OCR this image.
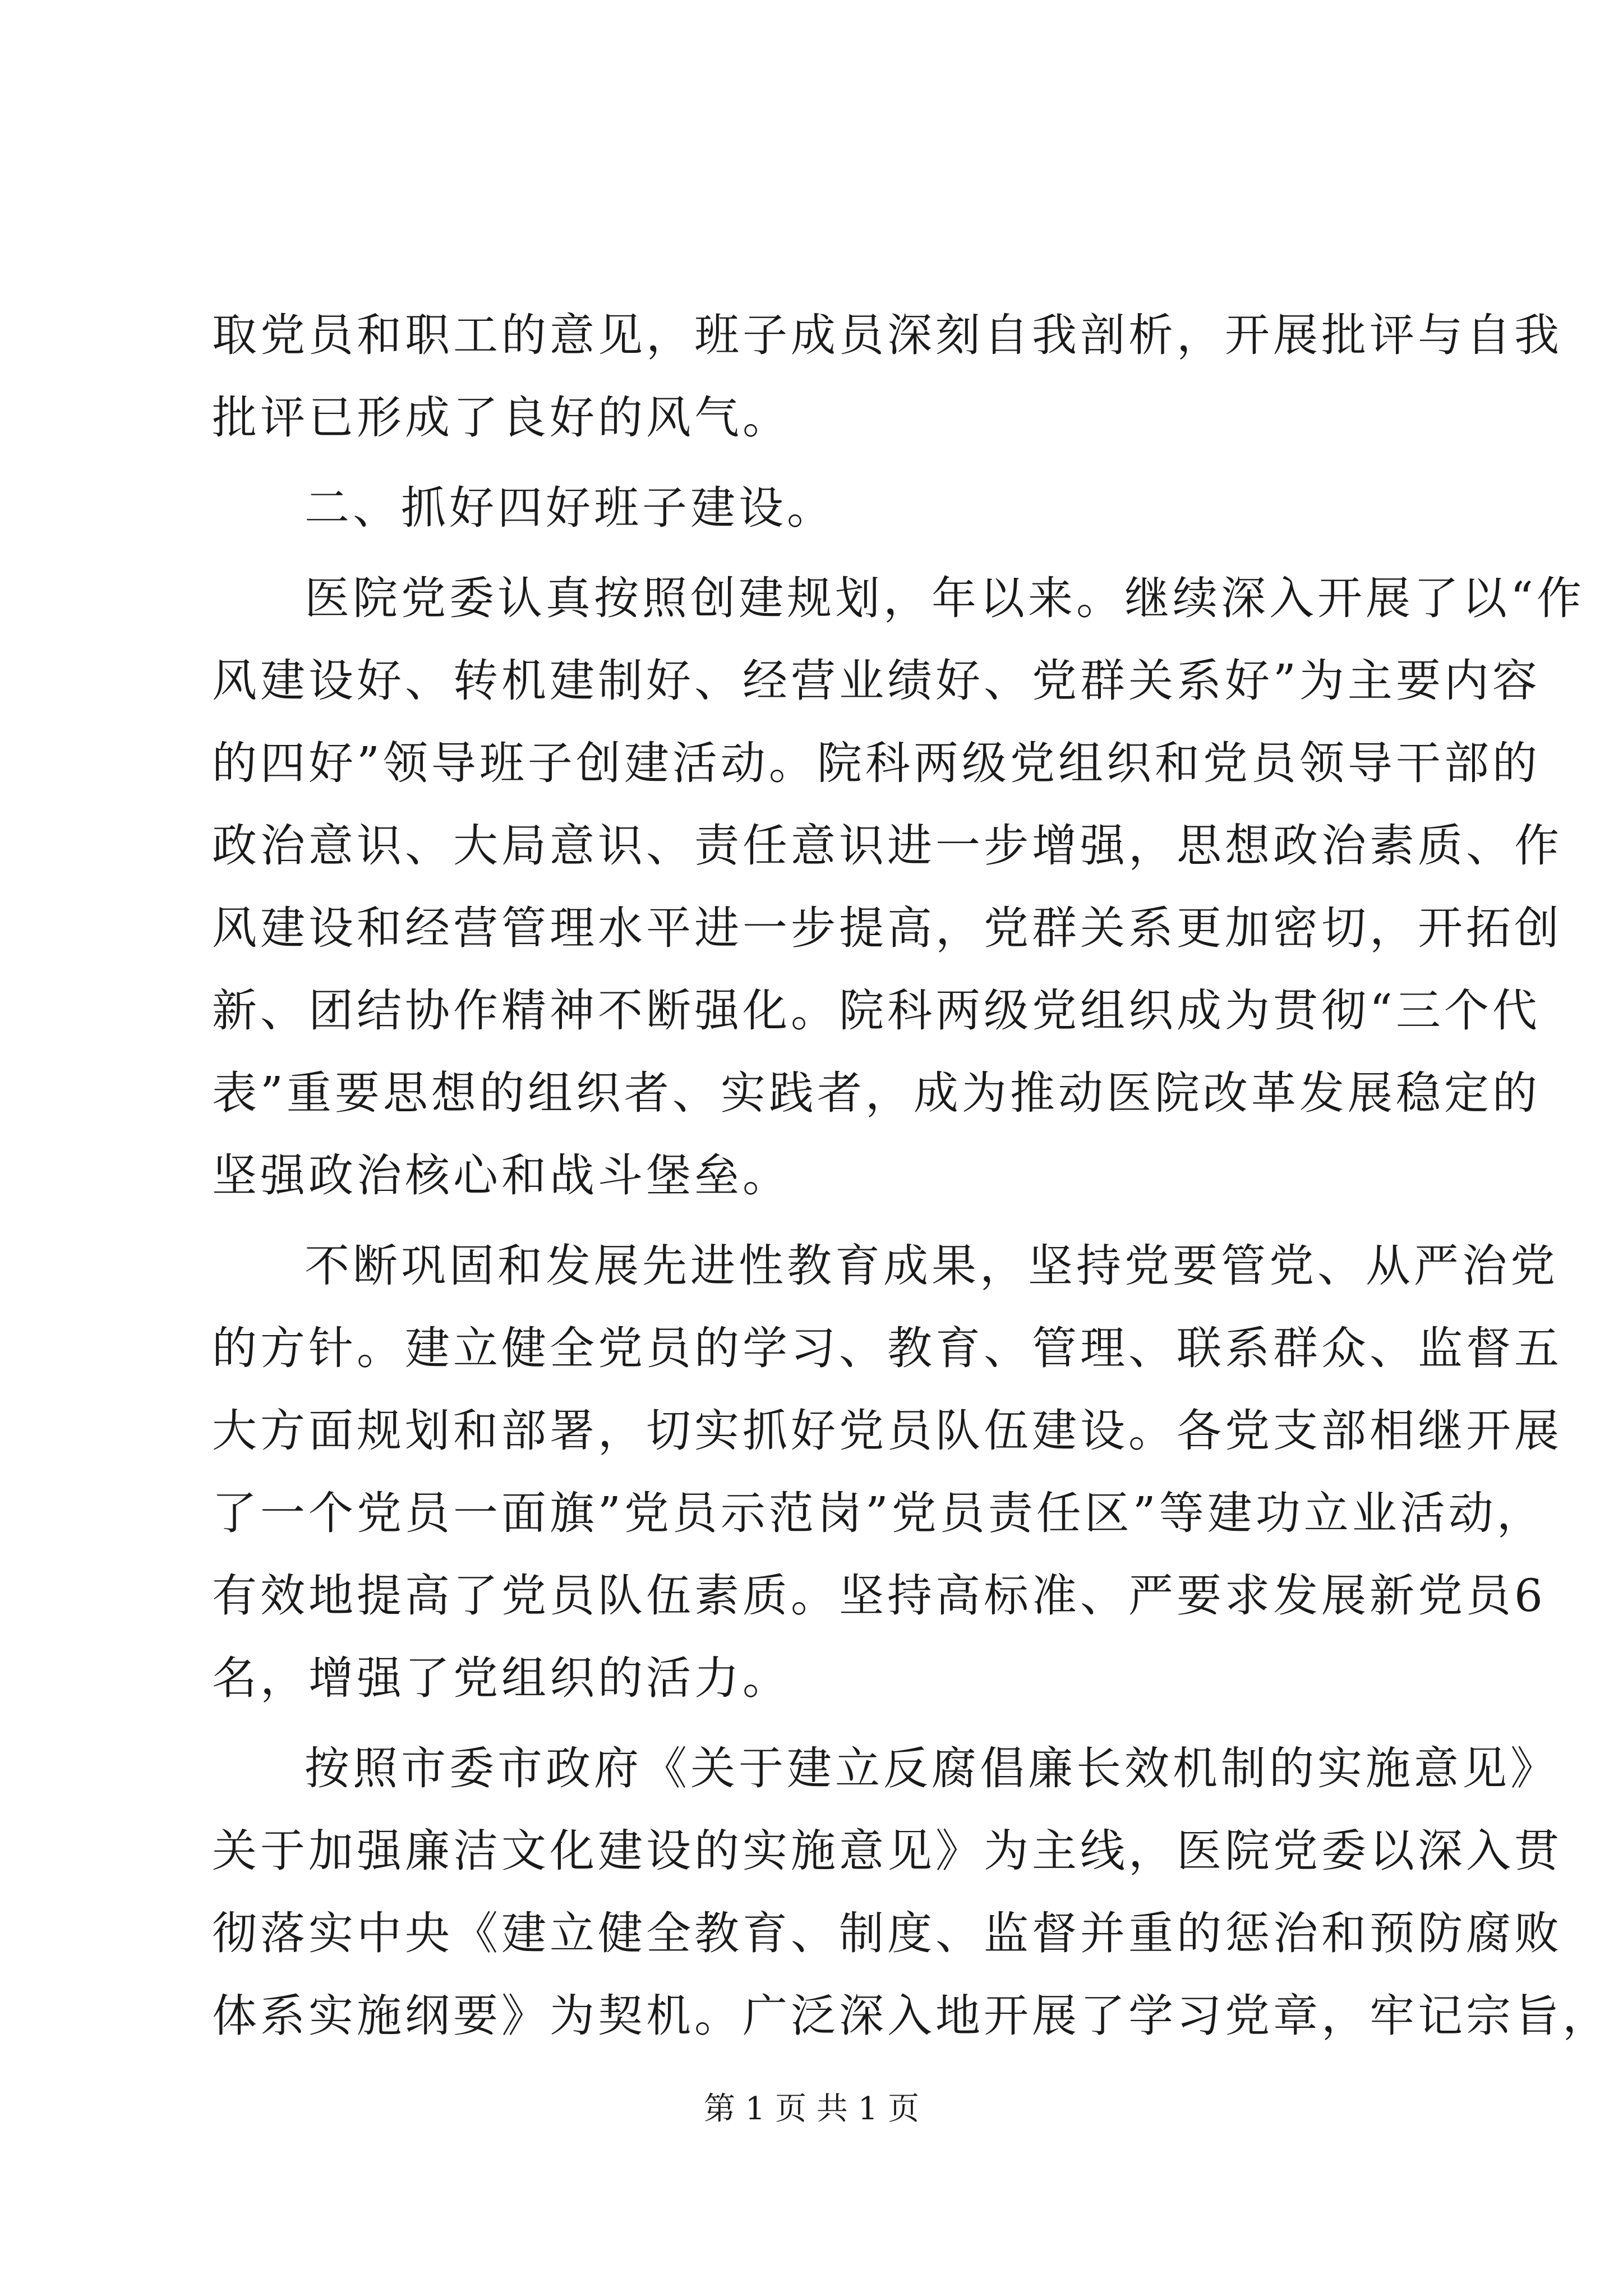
取党员和职工的意见，班子成员深刻自我剖析，开展批评与自我
批评已形成了良好的风气。
二、抓好四好班子建设。
医院党委认真按照创建规划，年以来。继续深入开展了以“作
风建设好、转机建制好、经营业绩好、党群关系好”为主要内容
的四好”领导班子创建活动。院科两级党组织和党员领导干部的
政治意识、大局意识、责任意识进一步增强，思想政治素质、作
风建设和经营管理水平进一步提高，党群关系更加密切，开拓创
新、团结协作精神不断强化。院科两级党组织成为贯彻“三个代
表”重要思想的组织者、实践者，成为推动医院改革发展稳定的
坚强政治核心和战斗堡垒。
不断巩固和发展先进性教育成果，坚持党要管党、从严治党
的方针。建立健全党员的学习、教育、管理、联系群众、监督五
大方面规划和部署，切实抓好党员队伍建设。各党支部相继开展
了一个党员一面旗”党员示范岗”党员责任区”等建功立业活动，
有效地提高了党员队伍素质。坚持高标准、严要求发展新党员6
名，增强了党组织的活力。
按照市委市政府《关于建立反腐倡廉长效机制的实施意见》
关于加强廉洁文化建设的实施意见》为主线，医院党委以深入贯
彻落实中央《建立健全教育、制度、监督并重的惩治和预防腐败
体系实施纲要》为契机。广泛深入地开展了学习党章，牢记宗旨，
第 1 页 共 1 页
